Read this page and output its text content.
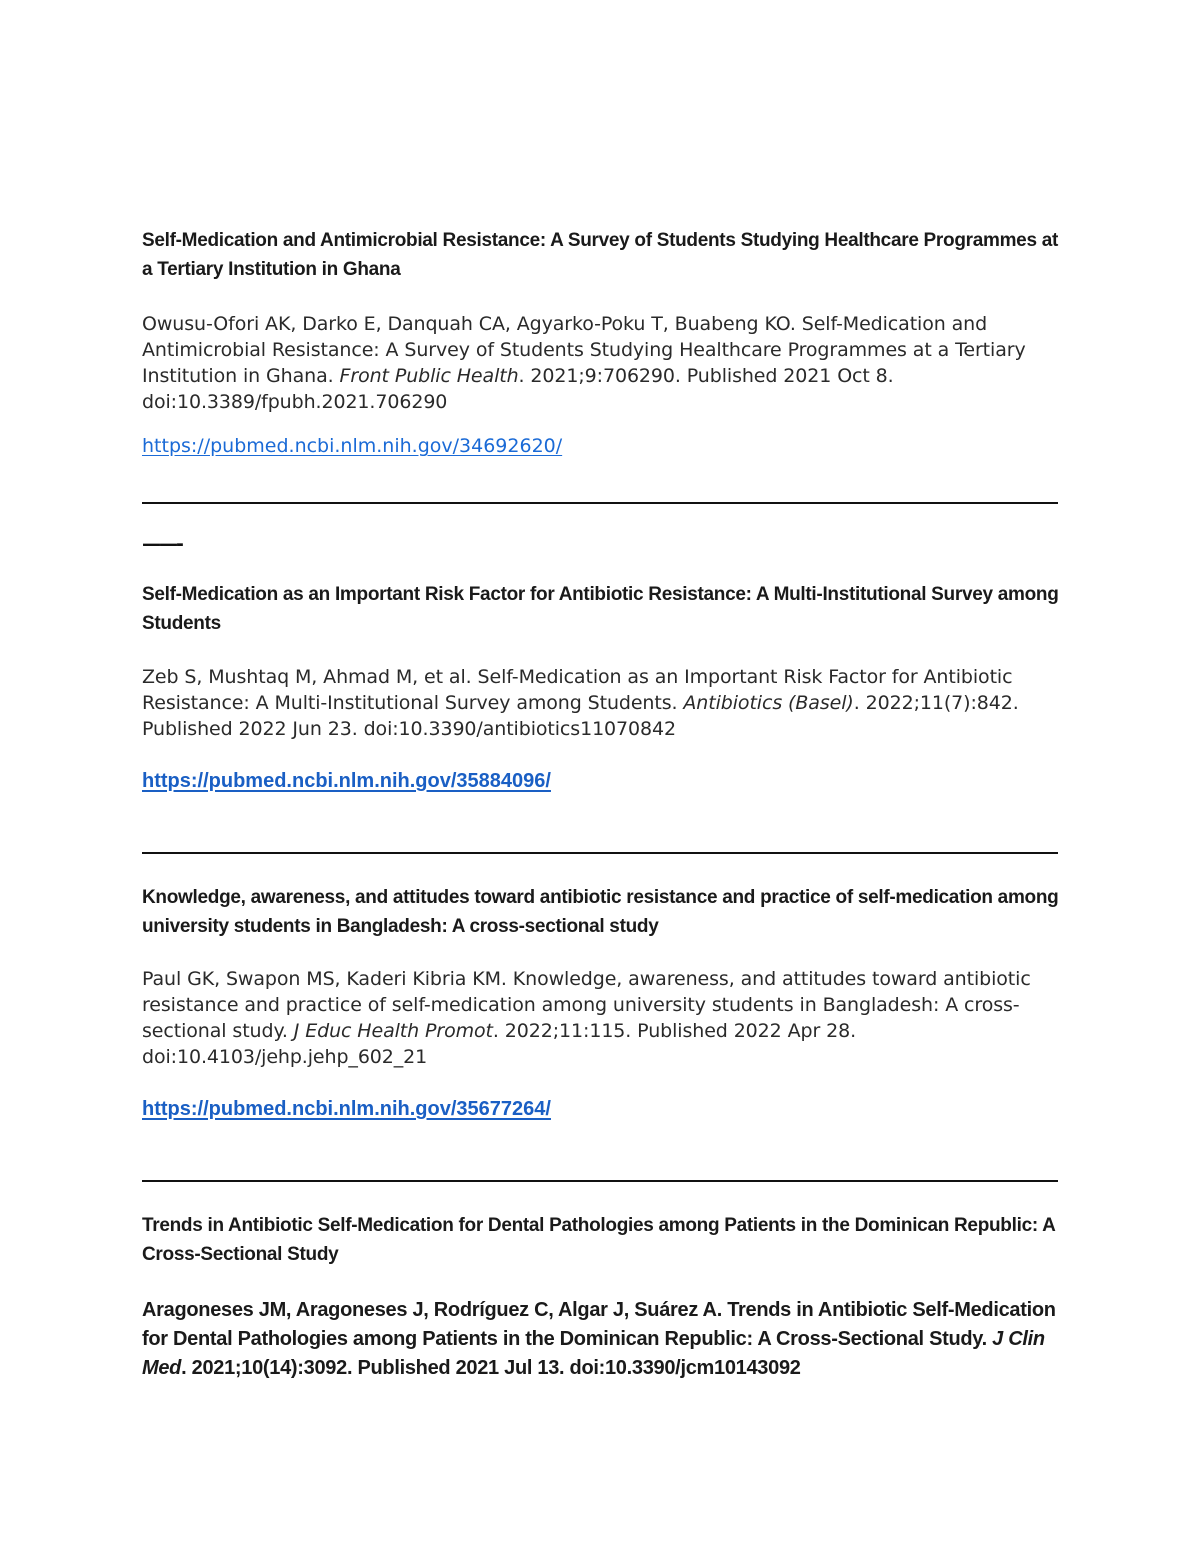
Self-Medication and Antimicrobial Resistance: A Survey of Students Studying Healthcare Programmes at a Tertiary Institution in Ghana

Owusu-Ofori AK, Darko E, Danquah CA, Agyarko-Poku T, Buabeng KO. Self-Medication and Antimicrobial Resistance: A Survey of Students Studying Healthcare Programmes at a Tertiary Institution in Ghana. Front Public Health. 2021;9:706290. Published 2021 Oct 8. doi:10.3389/fpubh.2021.706290

https://pubmed.ncbi.nlm.nih.gov/34692620/
——-

Self-Medication as an Important Risk Factor for Antibiotic Resistance: A Multi-Institutional Survey among Students

Zeb S, Mushtaq M, Ahmad M, et al. Self-Medication as an Important Risk Factor for Antibiotic Resistance: A Multi-Institutional Survey among Students. Antibiotics (Basel). 2022;11(7):842. Published 2022 Jun 23. doi:10.3390/antibiotics11070842

https://pubmed.ncbi.nlm.nih.gov/35884096/

Knowledge, awareness, and attitudes toward antibiotic resistance and practice of self-medication among university students in Bangladesh: A cross-sectional study

Paul GK, Swapon MS, Kaderi Kibria KM. Knowledge, awareness, and attitudes toward antibiotic resistance and practice of self-medication among university students in Bangladesh: A cross-sectional study. J Educ Health Promot. 2022;11:115. Published 2022 Apr 28. doi:10.4103/jehp.jehp_602_21

https://pubmed.ncbi.nlm.nih.gov/35677264/

Trends in Antibiotic Self-Medication for Dental Pathologies among Patients in the Dominican Republic: A Cross-Sectional Study

Aragoneses JM, Aragoneses J, Rodríguez C, Algar J, Suárez A. Trends in Antibiotic Self-Medication for Dental Pathologies among Patients in the Dominican Republic: A Cross-Sectional Study. J Clin Med. 2021;10(14):3092. Published 2021 Jul 13. doi:10.3390/jcm10143092
